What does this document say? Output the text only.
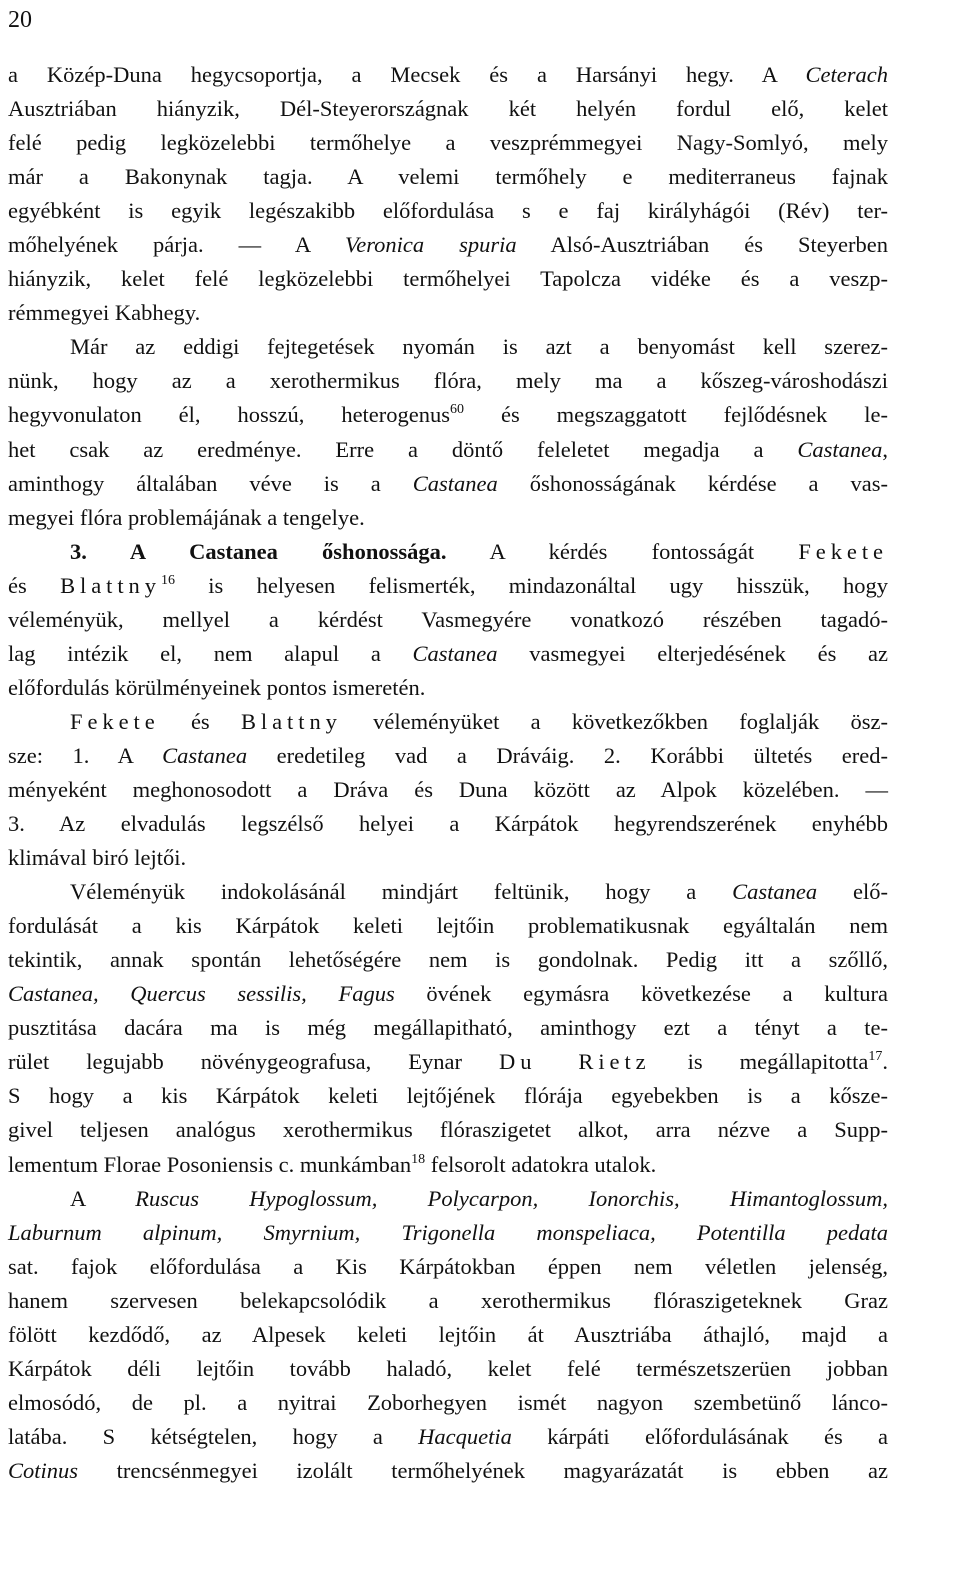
20
a Közép-Duna hegycsoportja, a Mecsek és a Harsányi hegy. A Ceterach
Ausztriában hiányzik, Dél-Steyerországnak két helyén fordul elő, kelet
felé pedig legközelebbi termőhelye a veszprémmegyei Nagy-Somlyó, mely
már a Bakonynak tagja. A velemi termőhely e mediterraneus fajnak
egyébként is egyik legészakibb előfordulása s e faj királyhágói (Rév) ter-
mőhelyének párja. — A Veronica spuria Alsó-Ausztriában és Steyerben
hiányzik, kelet felé legközelebbi termőhelyei Tapolcza vidéke és a veszp-
rémmegyei Kabhegy.
Már az eddigi fejtegetések nyomán is azt a benyomást kell szerez-
nünk, hogy az a xerothermikus flóra, mely ma a kőszeg-városhodászi
hegyvonulaton él, hosszú, heterogenus$^{60}$ és megszaggatott fejlődésnek le-
het csak az eredménye. Erre a döntő feleletet megadja a Castanea,
aminthogy általában véve is a Castanea őshonosságának kérdése a vas-
megyei flóra problemájának a tengelye.
3. A Castanea őshonossága. A kérdés fontosságát Fekete
és Blattny$^{16}$ is helyesen felismerték, mindazonáltal ugy hisszük, hogy
véleményük, mellyel a kérdést Vasmegyére vonatkozó részében tagadó-
lag intézik el, nem alapul a Castanea vasmegyei elterjedésének és az
előfordulás körülményeinek pontos ismeretén.
Fekete és Blattny véleményüket a következőkben foglalják ösz-
sze: 1. A Castanea eredetileg vad a Dráváig. 2. Korábbi ültetés ered-
ményeként meghonosodott a Dráva és Duna között az Alpok közelében. —
3. Az elvadulás legszélső helyei a Kárpátok hegyrendszerének enyhébb
klimával biró lejtői.
Véleményük indokolásánál mindjárt feltünik, hogy a Castanea elő-
fordulását a kis Kárpátok keleti lejtőin problematikusnak egyáltalán nem
tekintik, annak spontán lehetőségére nem is gondolnak. Pedig itt a szőllő,
Castanea, Quercus sessilis, Fagus övének egymásra következése a kultura
pusztitása dacára ma is még megállapitható, aminthogy ezt a tényt a te-
rület legujabb növénygeografusa, Eynar Du Rietz is megállapitotta$^{17}$.
S hogy a kis Kárpátok keleti lejtőjének flórája egyebekben is a kősze-
givel teljesen analógus xerothermikus flóraszigetet alkot, arra nézve a Supp-
lementum Florae Posoniensis c. munkámban$^{18}$ felsorolt adatokra utalok.
A Ruscus Hypoglossum, Polycarpon, Ionorchis, Himantoglossum,
Laburnum alpinum, Smyrnium, Trigonella monspeliaca, Potentilla pedata
sat. fajok előfordulása a Kis Kárpátokban éppen nem véletlen jelenség,
hanem szervesen belekapcsolódik a xerothermikus flóraszigeteknek Graz
fölött kezdődő, az Alpesek keleti lejtőin át Ausztriába áthajló, majd a
Kárpátok déli lejtőin tovább haladó, kelet felé természetszerüen jobban
elmosódó, de pl. a nyitrai Zoborhegyen ismét nagyon szembetünő lánco-
latába. S kétségtelen, hogy a Hacquetia kárpáti előfordulásának és a
Cotinus trencsénmegyei izolált termőhelyének magyarázatát is ebben az
